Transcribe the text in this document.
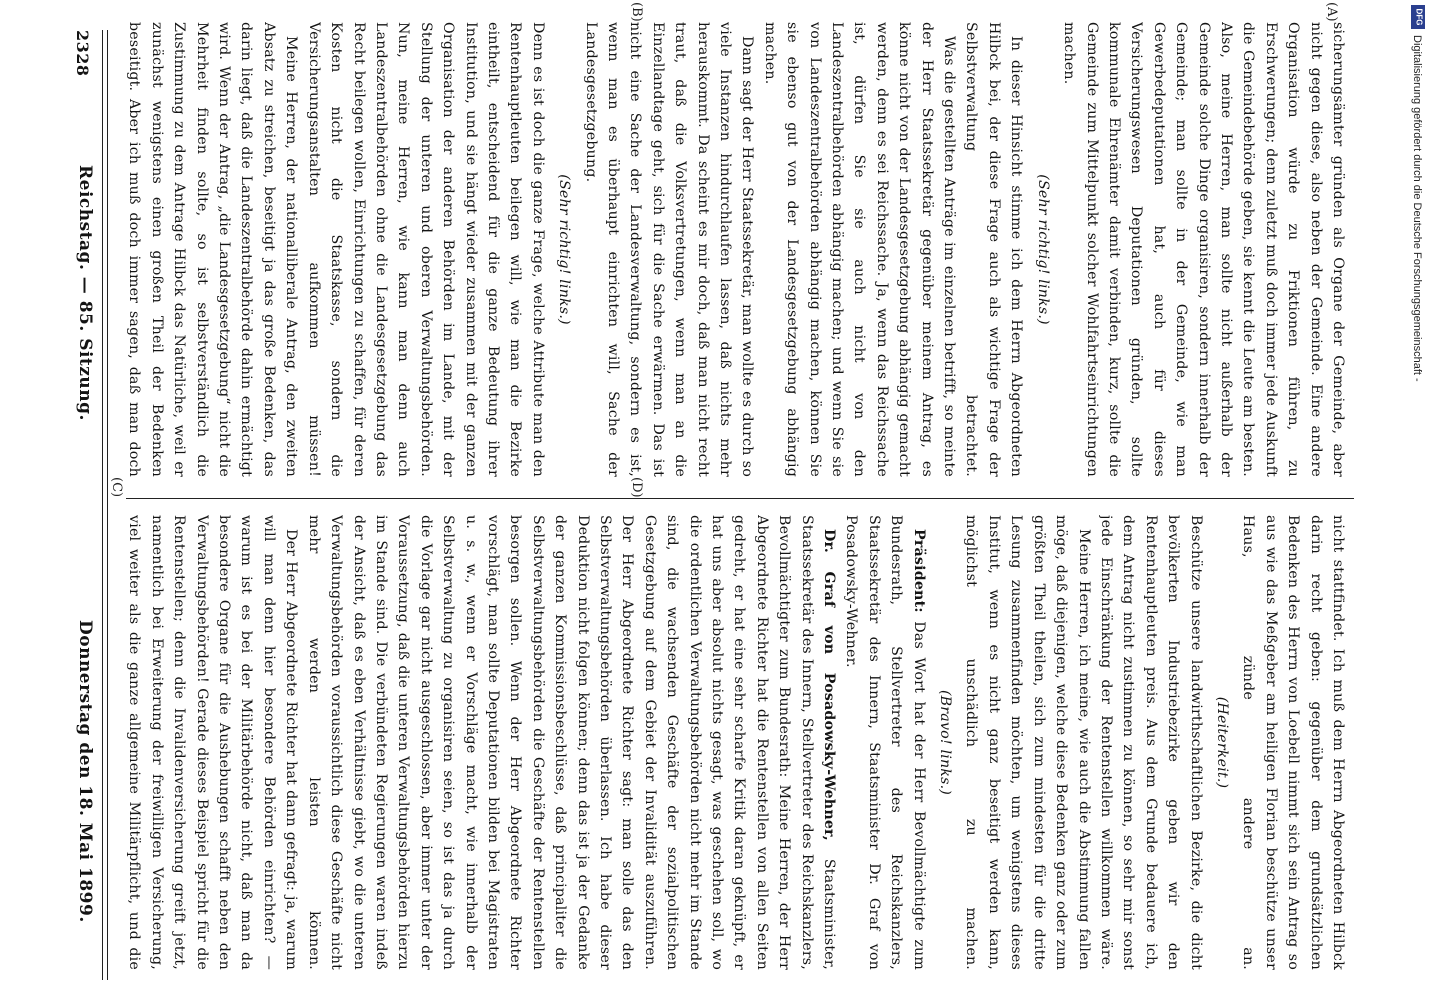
2328
Reichstag. — 85. Sitzung.
Donnerstag den 18. Mai 1899.
(A)
(B)
(C)	(D)

sicherungsämter gründen als Organe der Gemeinde, aber nicht gegen diese, also neben der Gemeinde. Eine andere Organisation würde zu Friktionen führen, zu Erschwerungen; denn zuletzt muß doch immer jede Auskunft die Gemeindebehörde geben, sie kennt die Leute am besten. Also, meine Herren, man sollte nicht außerhalb der Gemeinde solche Dinge organisiren, sondern innerhalb der Gemeinde; man sollte in der Gemeinde, wie man Gewerbedeputationen hat, auch für dieses Versicherungswesen Deputationen gründen, sollte kommunale Ehrenämter damit verbinden, kurz, sollte die Gemeinde zum Mittelpunkt solcher Wohlfahrtseinrichtungen machen.

(Sehr richtig! links.)

In dieser Hinsicht stimme ich dem Herrn Abgeordneten Hilbck bei, der diese Frage auch als wichtige Frage der Selbstverwaltung betrachtet.

Was die gestellten Anträge im einzelnen betrifft, so meinte der Herr Staatssekretär gegenüber meinem Antrag, es könne nicht von der Landesgesetzgebung abhängig gemacht werden, denn es sei Reichssache. Ja, wenn das Reichssache ist, dürfen Sie sie auch nicht von den Landeszentralbehörden abhängig machen; und wenn Sie sie von Landeszentralbehörden abhängig machen, können Sie sie ebenso gut von der Landesgesetzgebung abhängig machen.

Dann sagt der Herr Staatssekretär, man wollte es durch so viele Instanzen hindurchlaufen lassen, daß nichts mehr herauskommt. Da scheint es mir doch, daß man nicht recht traut, daß die Volksvertretungen, wenn man an die Einzellandtage geht, sich für die Sache erwärmen. Das ist nicht eine Sache der Landesverwaltung, sondern es ist, wenn man es überhaupt einrichten will, Sache der Landesgesetzgebung.

(Sehr richtig! links.)

Denn es ist doch die ganze Frage, welche Attribute man den Rentenhauptleuten beilegen will, wie man die Bezirke eintheilt, entscheidend für die ganze Bedeutung ihrer Institution, und sie hängt wieder zusammen mit der ganzen Organisation der anderen Behörden im Lande, mit der Stellung der unteren und oberen Verwaltungsbehörden. Nun, meine Herren, wie kann man denn auch Landeszentralbehörden ohne die Landesgesetzgebung das Recht beilegen wollen, Einrichtungen zu schaffen, für deren Kosten nicht die Staatskasse, sondern die Versicherungsanstalten aufkommen müssen!

Meine Herren, der nationalliberale Antrag, den zweiten Absatz zu streichen, beseitigt ja das große Bedenken, das darin liegt, daß die Landeszentralbehörde dahin ermächtigt wird. Wenn der Antrag, „die Landesgesetzgebung“ nicht die Mehrheit finden sollte, so ist selbstverständlich die Zustimmung zu dem Antrage Hilbck das Natürliche, weil er zunächst wenigstens einen großen Theil der Bedenken beseitigt. Aber ich muß doch immer sagen, daß man doch

nicht stattfindet. Ich muß dem Herrn Abgeordneten Hilbck darin recht geben: gegenüber dem grundsätzlichen Bedenken des Herrn von Loebell nimmt sich sein Antrag so aus wie das Meßgeber am heiligen Florian beschütze unser Haus, zünde andere an.

(Heiterkeit.)

Beschütze unsere landwirthschaftlichen Bezirke, die dicht bevölkerten Industriebezirke geben wir den Rentenhauptleuten preis. Aus dem Grunde bedauere ich, dem Antrag nicht zustimmen zu können, so sehr mir sonst jede Einschränkung der Rentenstellen willkommen wäre.

Meine Herren, ich meine, wie auch die Abstimmung fallen möge, daß diejenigen, welche diese Bedenken ganz oder zum größten Theil theilen, sich zum mindesten für die dritte Lesung zusammenfinden möchten, um wenigstens dieses Institut, wenn es nicht ganz beseitigt werden kann, möglichst unschädlich zu machen.

(Bravo! links.)

Präsident: Das Wort hat der Herr Bevollmächtigte zum Bundesrath, Stellvertreter des Reichskanzlers, Staatssekretär des Innern, Staatsminister Dr. Graf von Posadowsky-Wehner.

Dr. Graf von Posadowsky-Wehner, Staatsminister, Staatssekretär des Innern, Stellvertreter des Reichskanzlers, Bevollmächtigter zum Bundesrath: Meine Herren, der Herr Abgeordnete Richter hat die Rentenstellen von allen Seiten gedreht, er hat eine sehr scharfe Kritik daran geknüpft, er hat uns aber absolut nichts gesagt, was geschehen soll, wo die ordentlichen Verwaltungsbehörden nicht mehr im Stande sind, die wachsenden Geschäfte der sozialpolitischen Gesetzgebung auf dem Gebiet der Invalidität auszuführen. Der Herr Abgeordnete Richter sagt: man solle das den Selbstverwaltungsbehörden überlassen. Ich habe dieser Deduktion nicht folgen können; denn das ist ja der Gedanke der ganzen Kommissionsbeschlüsse, daß principaliter die Selbstverwaltungsbehörden die Geschäfte der Rentenstellen besorgen sollen. Wenn der Herr Abgeordnete Richter vorschlägt, man sollte Deputationen bilden bei Magistraten u. s. w., wenn er Vorschläge macht, wie innerhalb der Selbstverwaltung zu organisiren seien, so ist das ja durch die Vorlage gar nicht ausgeschlossen, aber immer unter der Voraussetzung, daß die unteren Verwaltungsbehörden hierzu im Stande sind. Die verbündeten Regierungen waren indeß der Ansicht, daß es eben Verhältnisse giebt, wo die unteren Verwaltungsbehörden voraussichtlich diese Geschäfte nicht mehr werden leisten können.

Der Herr Abgeordnete Richter hat dann gefragt: ja, warum will man denn hier besondere Behörden einrichten? — warum ist es bei der Militärbehörde nicht, daß man da besondere Organe für die Aushebungen schafft neben den Verwaltungsbehörden! Gerade dieses Beispiel spricht für die Rentenstellen; denn die Invalidenversicherung greift jetzt, namentlich bei Erweiterung der freiwilligen Versicherung, viel weiter als die ganze allgemeine Militärpflicht, und die

DFG
Digitalisierung gefördert durch die Deutsche Forschungsgemeinschaft -
